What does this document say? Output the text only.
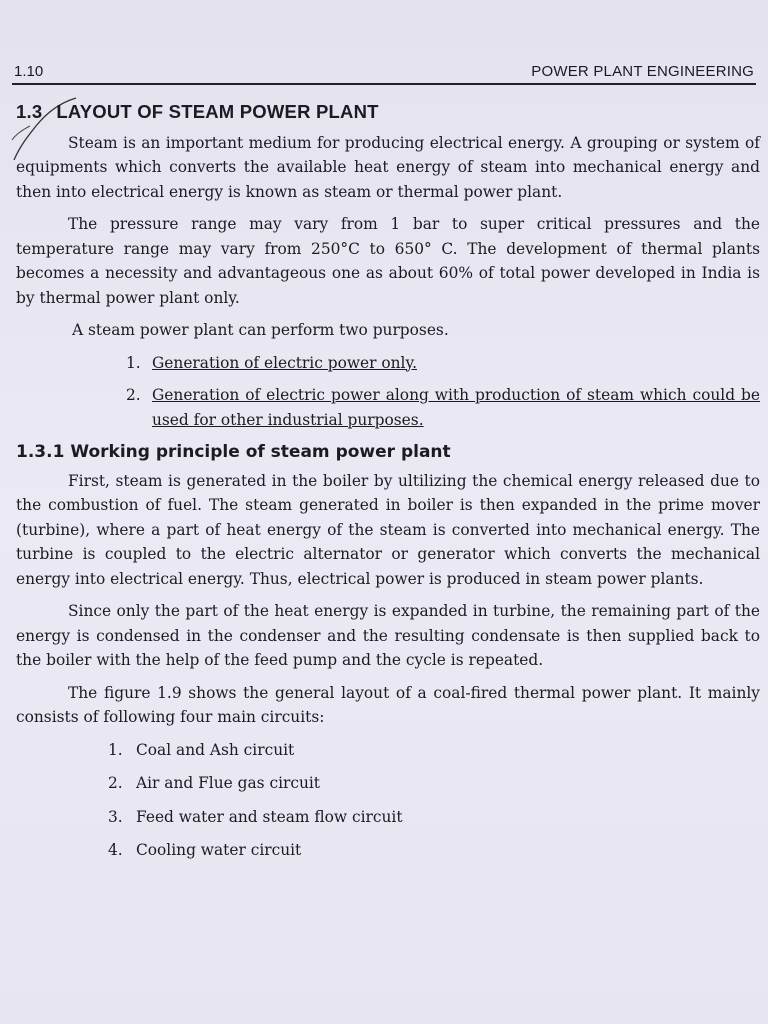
1.10	POWER PLANT ENGINEERING
1.3 LAYOUT OF STEAM POWER PLANT

Steam is an important medium for producing electrical energy. A grouping or system of equipments which converts the available heat energy of steam into mechanical energy and then into electrical energy is known as steam or thermal power plant.

The pressure range may vary from 1 bar to super critical pressures and the temperature range may vary from 250°C to 650° C. The development of thermal plants becomes a necessity and advantageous one as about 60% of total power developed in India is by thermal power plant only.

A steam power plant can perform two purposes.

1. Generation of electric power only.
2. Generation of electric power along with production of steam which could be used for other industrial purposes.
1.3.1 Working principle of steam power plant

First, steam is generated in the boiler by ultilizing the chemical energy released due to the combustion of fuel. The steam generated in boiler is then expanded in the prime mover (turbine), where a part of heat energy of the steam is converted into mechanical energy. The turbine is coupled to the electric alternator or generator which converts the mechanical energy into electrical energy. Thus, electrical power is produced in steam power plants.

Since only the part of the heat energy is expanded in turbine, the remaining part of the energy is condensed in the condenser and the resulting condensate is then supplied back to the boiler with the help of the feed pump and the cycle is repeated.

The figure 1.9 shows the general layout of a coal-fired thermal power plant. It mainly consists of following four main circuits:

1. Coal and Ash circuit
2. Air and Flue gas circuit
3. Feed water and steam flow circuit
4. Cooling water circuit
